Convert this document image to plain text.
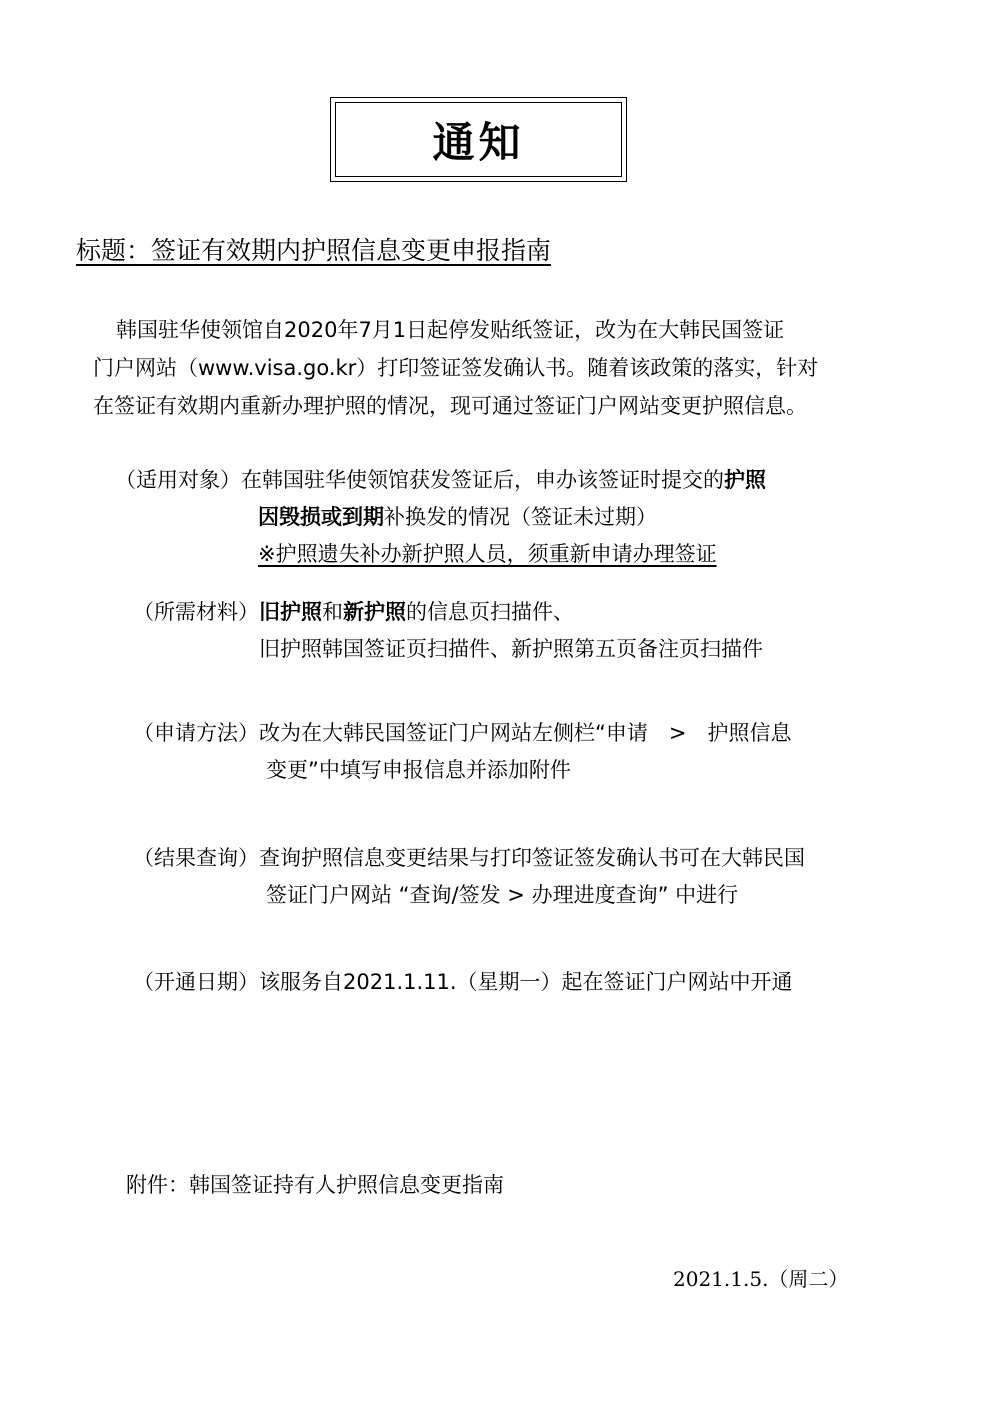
通知
标题：签证有效期内护照信息变更申报指南
韩国驻华使领馆自2020年7月1日起停发贴纸签证，改为在大韩民国签证
门户网站（www.visa.go.kr）打印签证签发确认书。随着该政策的落实，针对
在签证有效期内重新办理护照的情况，现可通过签证门户网站变更护照信息。
（适用对象）在韩国驻华使领馆获发签证后，申办该签证时提交的护照
因毁损或到期补换发的情况（签证未过期）
※护照遗失补办新护照人员，须重新申请办理签证
（所需材料）旧护照和新护照的信息页扫描件、
旧护照韩国签证页扫描件、新护照第五页备注页扫描件
（申请方法）改为在大韩民国签证门户网站左侧栏“申请　>　护照信息
变更”中填写申报信息并添加附件
（结果查询）查询护照信息变更结果与打印签证签发确认书可在大韩民国
签证门户网站 “查询/签发 > 办理进度查询” 中进行
（开通日期）该服务自2021.1.11.（星期一）起在签证门户网站中开通
附件：韩国签证持有人护照信息变更指南
2021.1.5.（周二）
